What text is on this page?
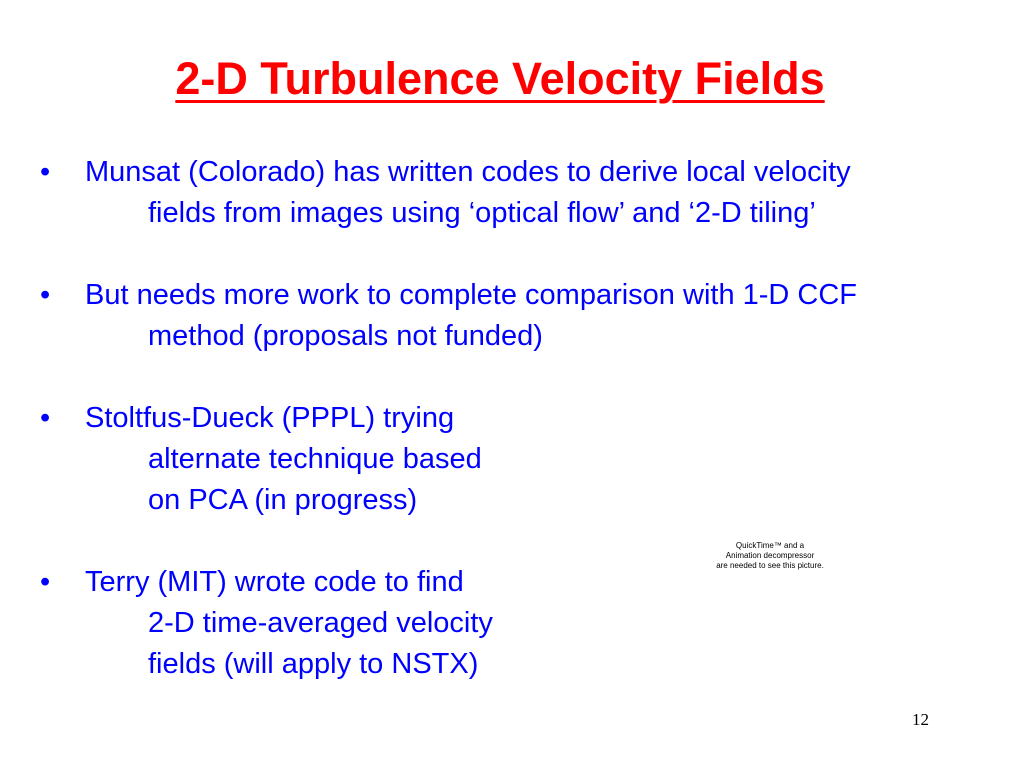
2-D Turbulence Velocity Fields
•	Munsat (Colorado) has written codes to derive local velocity
fields from images using ‘optical flow’ and ‘2-D tiling’
•	But needs more work to complete comparison with 1-D CCF
method (proposals not funded)
•	Stoltfus-Dueck (PPPL) trying
alternate technique based
on PCA (in progress)
•	Terry (MIT) wrote code to find
2-D time-averaged velocity
fields (will apply to NSTX)
QuickTime™ and a
Animation decompressor
are needed to see this picture.
12
